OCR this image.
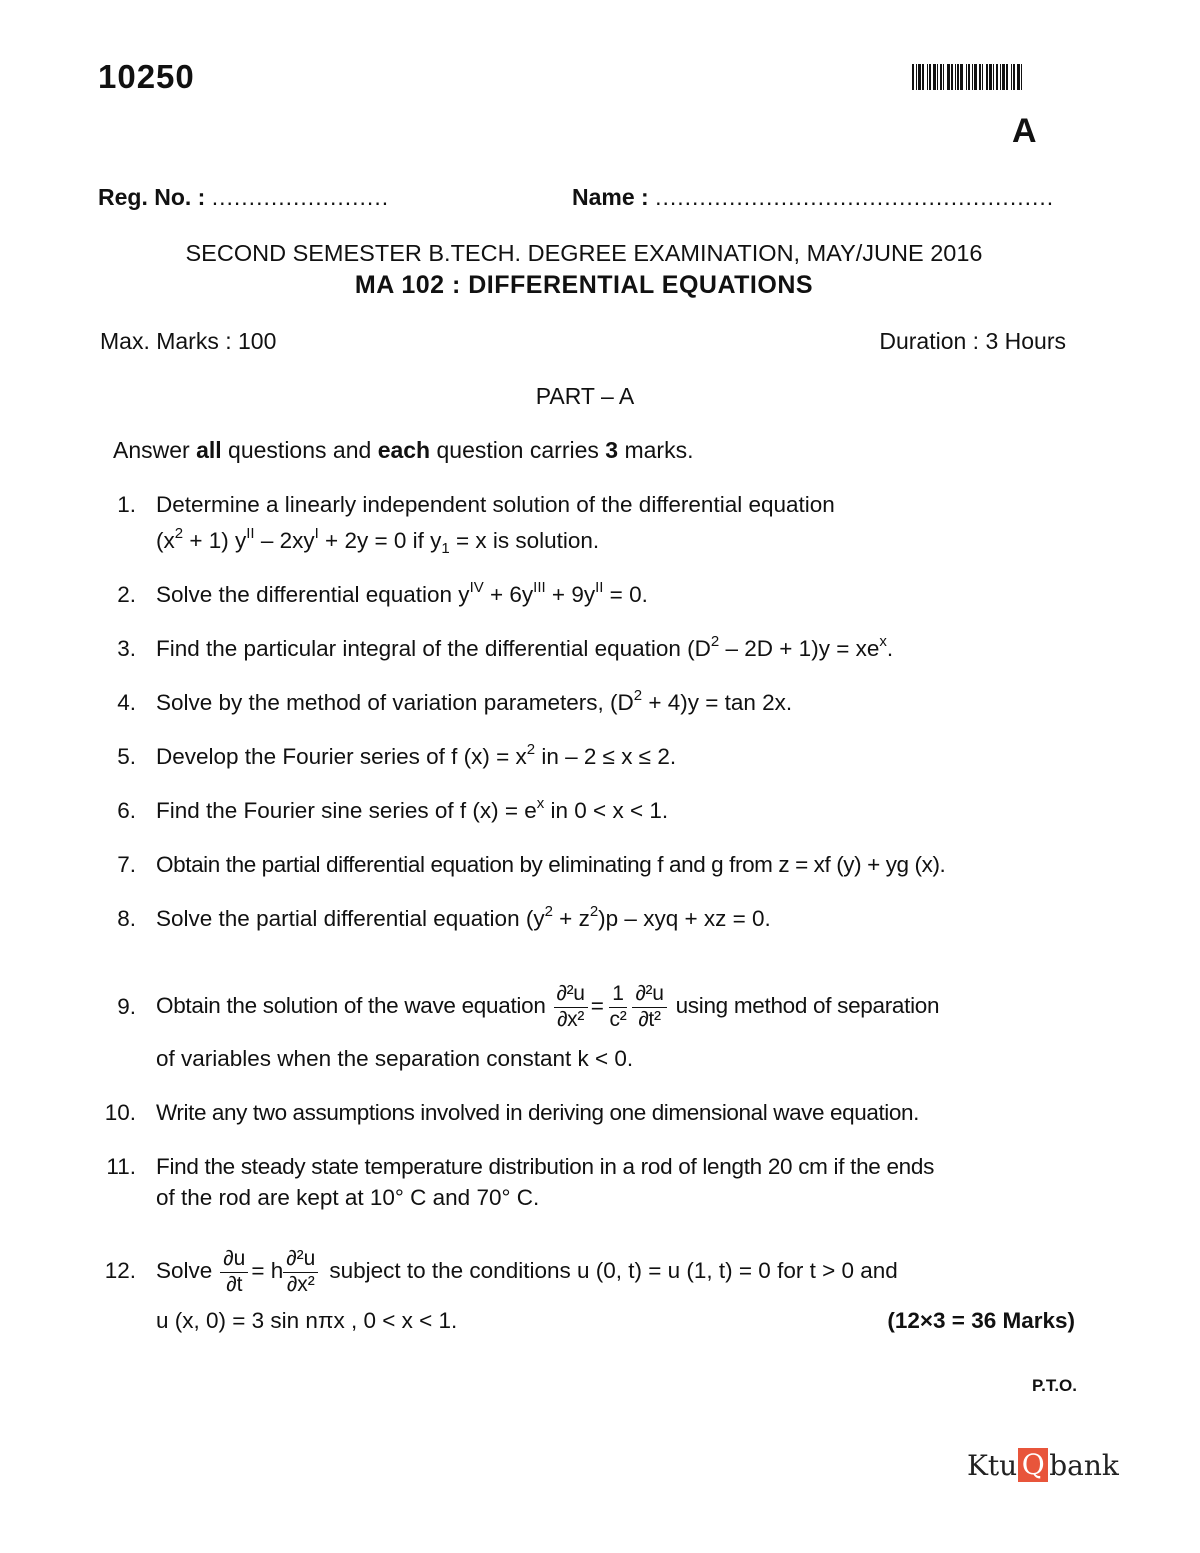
10250
A
Reg. No. : ........................	Name : ......................................................
SECOND SEMESTER B.TECH. DEGREE EXAMINATION, MAY/JUNE 2016
MA 102 : DIFFERENTIAL EQUATIONS
Max. Marks : 100	Duration : 3 Hours
PART – A
Answer all questions and each question carries 3 marks.
1. Determine a linearly independent solution of the differential equation
$(x^2 + 1)$ $y^{II} - 2xy^I + 2y = 0$ if $y_1 = x$ is solution.
2. Solve the differential equation $y^{IV} + 6y^{III} + 9y^{II} = 0$.
3. Find the particular integral of the differential equation $(D^2 - 2D + 1)y = xe^x$.
4. Solve by the method of variation parameters, $(D^2 + 4)y = \tan 2x$.
5. Develop the Fourier series of f $(x) = x^2$ in – 2 ≤ x ≤ 2.
6. Find the Fourier sine series of f $(x) = e^x$ in 0 < x < 1.
7. Obtain the partial differential equation by eliminating f and g from z = xf (y) + yg (x).
8. Solve the partial differential equation $(y^2 + z^2)p$ – xyq + xz = 0.
9. Obtain the solution of the wave equation $\frac{\text{∂²u}}{\text{∂x²}} = \frac{1}{\text{c²}} \frac{\text{∂²u}}{\text{∂t²}}$ using method of separation
of variables when the separation constant k < 0.
10. Write any two assumptions involved in deriving one dimensional wave equation.
11. Find the steady state temperature distribution in a rod of length 20 cm if the ends
of the rod are kept at 10° C and 70° C.
12. Solve $\frac{\partial u}{\partial t} = h \frac{\text{∂²u}}{\text{∂x²}}$ subject to the conditions u (0, t) = u (1, t) = 0 for t > 0 and
u (x, 0) = 3 sin nπx , 0 < x < 1.	(12×3 = 36 Marks)
P.T.O.
Ktu Q bank
